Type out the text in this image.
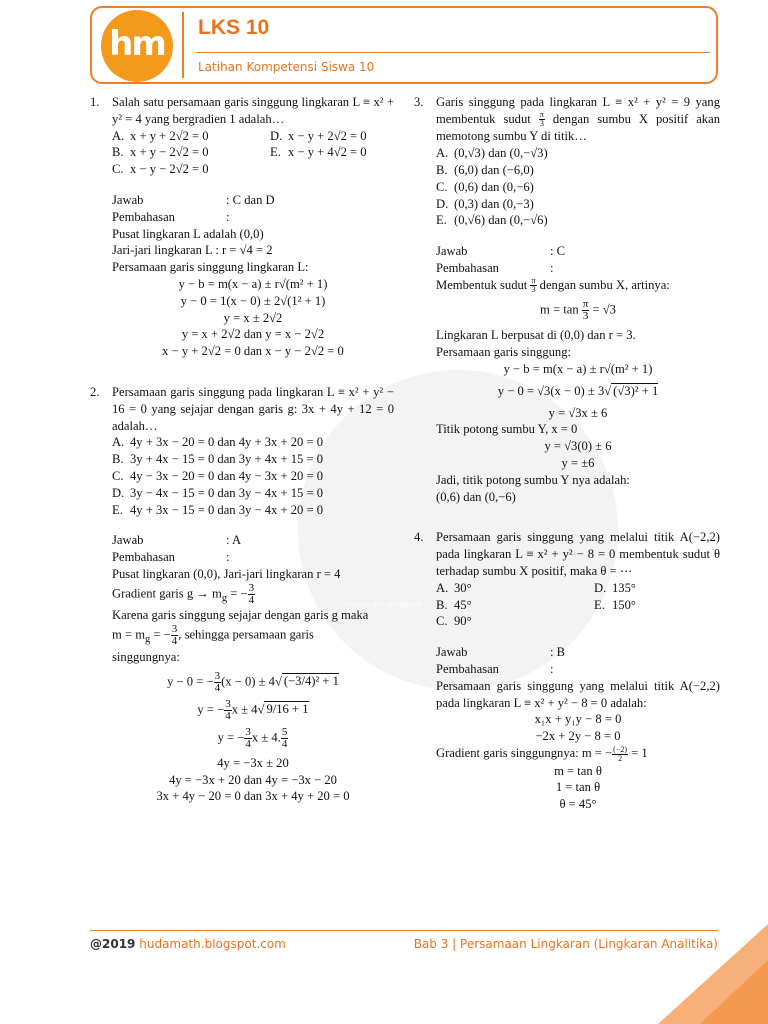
hm	LKS 10
Latihan Kompetensi Siswa 10
hudamath.blogspot
1. Salah satu persamaan garis singgung lingkaran L ≡ x² + y² = 4 yang bergradien 1 adalah…
A. x + y + 2√2 = 0	D. x − y + 2√2 = 0
B. x + y − 2√2 = 0	E. x − y + 4√2 = 0
C. x − y − 2√2 = 0
Jawab	: C dan D
Pembahasan	:
Pusat lingkaran L adalah (0,0)
Jari-jari lingkaran L : r = √4 = 2
Persamaan garis singgung lingkaran L:
y − b = m(x − a) ± r√(m² + 1)
y − 0 = 1(x − 0) ± 2√(1² + 1)
y = x ± 2√2
y = x + 2√2 dan y = x − 2√2
x − y + 2√2 = 0 dan x − y − 2√2 = 0
2. Persamaan garis singgung pada lingkaran L ≡ x² + y² − 16 = 0 yang sejajar dengan garis g: 3x + 4y + 12 = 0 adalah…
A. 4y + 3x − 20 = 0 dan 4y + 3x + 20 = 0
B. 3y + 4x − 15 = 0 dan 3y + 4x + 15 = 0
C. 4y − 3x − 20 = 0 dan 4y − 3x + 20 = 0
D. 3y − 4x − 15 = 0 dan 3y − 4x + 15 = 0
E. 4y + 3x − 15 = 0 dan 3y − 4x + 20 = 0
Jawab	: A
Pembahasan	:
Pusat lingkaran (0,0), Jari-jari lingkaran r = 4
Gradient garis $g \to m_g$ = − $\frac{3}{4}$
Karena garis singgung sejajar dengan garis g maka
$m = m_g$ = − $\frac{3}{4}$ , sehingga persamaan garis
singgungnya:
y − 0 = − $\frac{3}{4} (x - 0) \pm 4√$ (−3/4)² + 1
y = − $\frac{3}{4}$ x ± 4√ 9/16 + 1
y = − $\frac{3}{4}$ x ± 4. $\frac{5}{4}$
4y = −3x ± 20
4y = −3x + 20 dan 4y = −3x − 20
3x + 4y − 20 = 0 dan 3x + 4y + 20 = 0
3. Garis singgung pada lingkaran L ≡ x² + y² = 9 yang membentuk sudut $\frac{\pi}{3}$ dengan sumbu X positif akan memotong sumbu Y di titik…
A. (0,√3) dan (0,−√3)
B. (6,0) dan (−6,0)
C. (0,6) dan (0,−6)
D. (0,3) dan (0,−3)
E. (0,√6) dan (0,−√6)
Jawab	: C
Pembahasan	:
Membentuk sudut $\frac{\pi}{3}$ dengan sumbu X, artinya:
$m = \tan \frac{\pi}{3} = √3$
Lingkaran L berpusat di (0,0) dan r = 3.
Persamaan garis singgung:
y − b = m(x − a) ± r√(m² + 1)
y − 0 = √3(x − 0) ± 3√ (√3)² + 1
y = √3x ± 6
Titik potong sumbu Y, x = 0
y = √3(0) ± 6
y = ±6
Jadi, titik potong sumbu Y nya adalah:
(0,6) dan (0,−6)
4. Persamaan garis singgung yang melalui titik A(−2,2) pada lingkaran L ≡ x² + y² − 8 = 0 membentuk sudut θ terhadap sumbu X positif, maka θ = ⋯
A. 30°	D. 135°
B. 45°	E. 150°
C. 90°
Jawab	: B
Pembahasan	:
Persamaan garis singgung yang melalui titik A(−2,2) pada lingkaran L ≡ x² + y² − 8 = 0 adalah:
x₁x + y₁y − 8 = 0
−2x + 2y − 8 = 0
Gradient garis singgungnya: m = − $\frac{(-2)}{2} = 1$
m = tan θ
1 = tan θ
θ = 45°
@2019 hudamath.blogspot.com	Bab 3 | Persamaan Lingkaran (Lingkaran Analitika)
